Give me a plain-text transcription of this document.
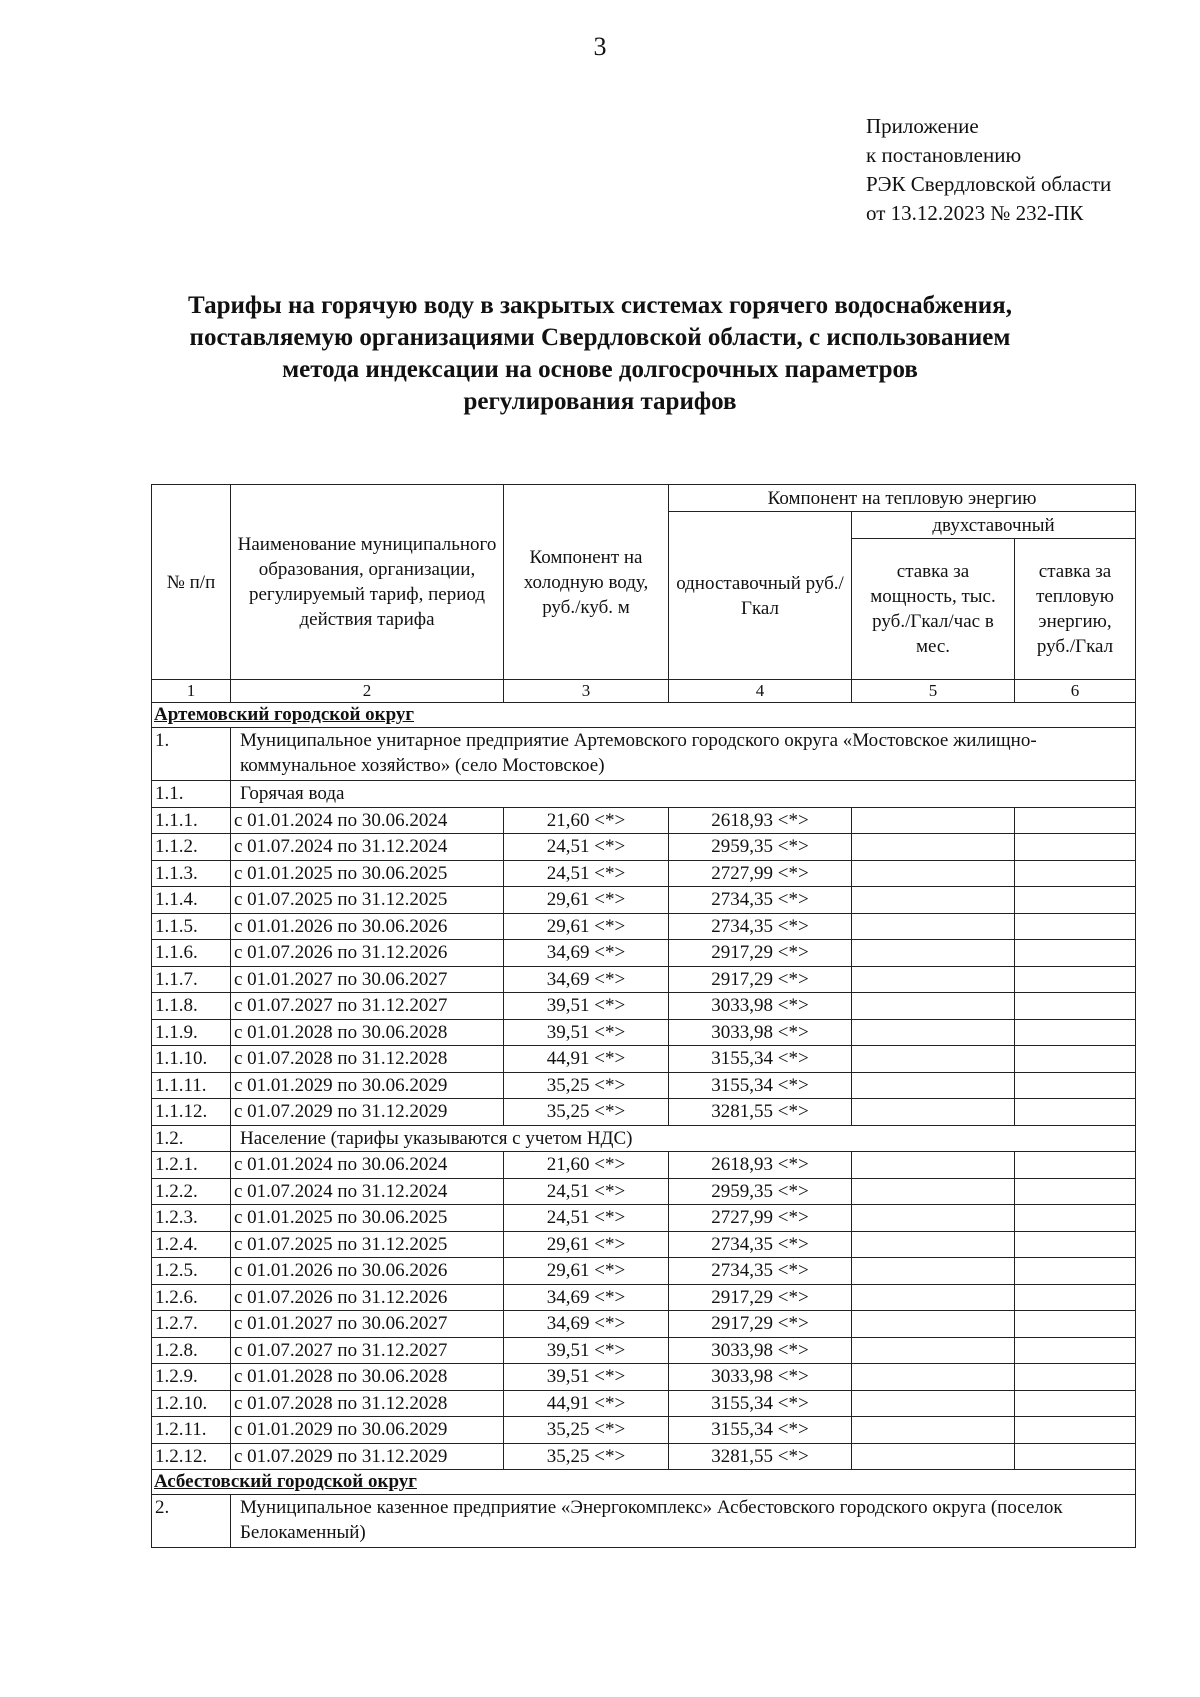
3
Приложение
к постановлению
РЭК Свердловской области
от 13.12.2023 № 232-ПК
Тарифы на горячую воду в закрытых системах горячего водоснабжения,
поставляемую организациями Свердловской области, с использованием
метода индексации на основе долгосрочных параметров
регулирования тарифов
№ п/п	Наименование муниципального образования, организации, регулируемый тариф, период действия тарифа	Компонент на холодную воду, руб./куб. м	Компонент на тепловую энергию		
			одноставочный руб./Гкал	двухставочный	
				ставка за мощность, тыс. руб./Гкал/час в мес.	ставка за тепловую энергию, руб./Гкал
1	2	3	4	5	6
Артемовский городской округ					
1.	Муниципальное унитарное предприятие Артемовского городского округа «Мостовское жилищно-коммунальное хозяйство» (село Мостовское)				
1.1.	Горячая вода				
1.1.1.	с 01.01.2024 по 30.06.2024	21,60 <*>	2618,93 <*>		
1.1.2.	с 01.07.2024 по 31.12.2024	24,51 <*>	2959,35 <*>		
1.1.3.	с 01.01.2025 по 30.06.2025	24,51 <*>	2727,99 <*>		
1.1.4.	с 01.07.2025 по 31.12.2025	29,61 <*>	2734,35 <*>		
1.1.5.	с 01.01.2026 по 30.06.2026	29,61 <*>	2734,35 <*>		
1.1.6.	с 01.07.2026 по 31.12.2026	34,69 <*>	2917,29 <*>		
1.1.7.	с 01.01.2027 по 30.06.2027	34,69 <*>	2917,29 <*>		
1.1.8.	с 01.07.2027 по 31.12.2027	39,51 <*>	3033,98 <*>		
1.1.9.	с 01.01.2028 по 30.06.2028	39,51 <*>	3033,98 <*>		
1.1.10.	с 01.07.2028 по 31.12.2028	44,91 <*>	3155,34 <*>		
1.1.11.	с 01.01.2029 по 30.06.2029	35,25 <*>	3155,34 <*>		
1.1.12.	с 01.07.2029 по 31.12.2029	35,25 <*>	3281,55 <*>		
1.2.	Население (тарифы указываются с учетом НДС)				
1.2.1.	с 01.01.2024 по 30.06.2024	21,60 <*>	2618,93 <*>		
1.2.2.	с 01.07.2024 по 31.12.2024	24,51 <*>	2959,35 <*>		
1.2.3.	с 01.01.2025 по 30.06.2025	24,51 <*>	2727,99 <*>		
1.2.4.	с 01.07.2025 по 31.12.2025	29,61 <*>	2734,35 <*>		
1.2.5.	с 01.01.2026 по 30.06.2026	29,61 <*>	2734,35 <*>		
1.2.6.	с 01.07.2026 по 31.12.2026	34,69 <*>	2917,29 <*>		
1.2.7.	с 01.01.2027 по 30.06.2027	34,69 <*>	2917,29 <*>		
1.2.8.	с 01.07.2027 по 31.12.2027	39,51 <*>	3033,98 <*>		
1.2.9.	с 01.01.2028 по 30.06.2028	39,51 <*>	3033,98 <*>		
1.2.10.	с 01.07.2028 по 31.12.2028	44,91 <*>	3155,34 <*>		
1.2.11.	с 01.01.2029 по 30.06.2029	35,25 <*>	3155,34 <*>		
1.2.12.	с 01.07.2029 по 31.12.2029	35,25 <*>	3281,55 <*>		
Асбестовский городской округ					
2.	Муниципальное казенное предприятие «Энергокомплекс» Асбестовского городского округа (поселок Белокаменный)				
